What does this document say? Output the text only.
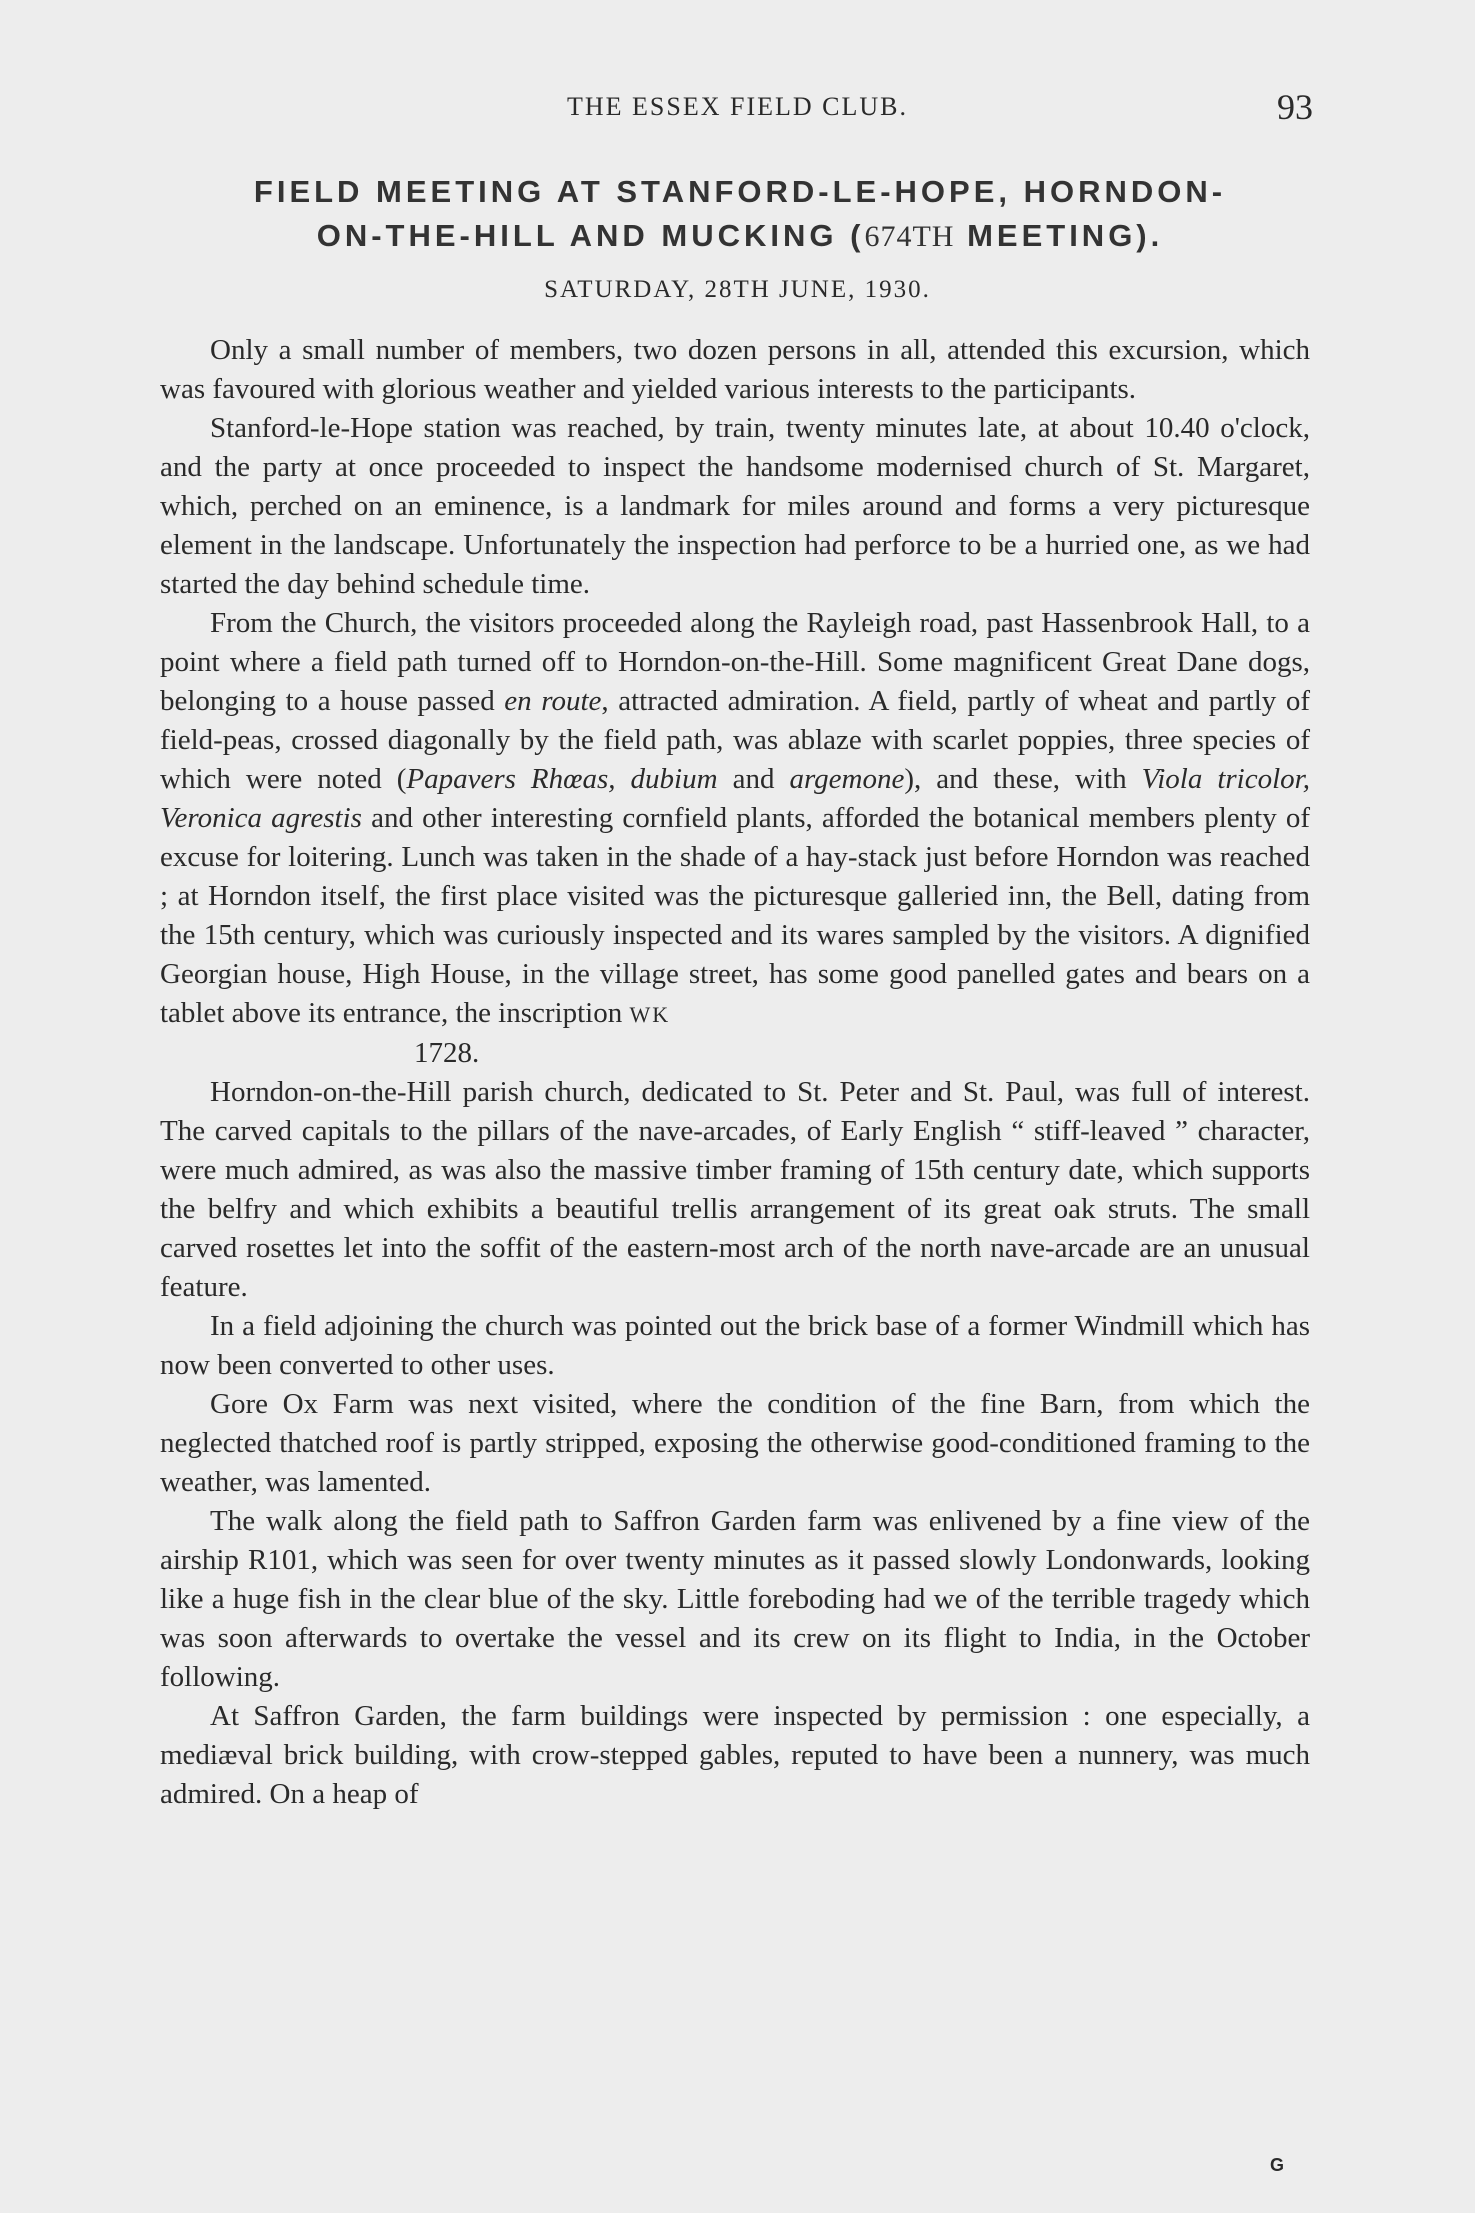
THE ESSEX FIELD CLUB.	93
FIELD MEETING AT STANFORD-LE-HOPE, HORNDON-
ON-THE-HILL AND MUCKING (674TH MEETING).
SATURDAY, 28TH JUNE, 1930.

Only a small number of members, two dozen persons in all, attended this excursion, which was favoured with glorious weather and yielded various interests to the participants.

Stanford-le-Hope station was reached, by train, twenty minutes late, at about 10.40 o'clock, and the party at once proceeded to inspect the handsome modernised church of St. Margaret, which, perched on an eminence, is a landmark for miles around and forms a very picturesque element in the landscape. Unfortunately the inspection had perforce to be a hurried one, as we had started the day behind schedule time.

From the Church, the visitors proceeded along the Rayleigh road, past Hassenbrook Hall, to a point where a field path turned off to Horndon-on-the-Hill. Some magnificent Great Dane dogs, belonging to a house passed en route, attracted admiration. A field, partly of wheat and partly of field-peas, crossed diagonally by the field path, was ablaze with scarlet poppies, three species of which were noted (Papavers Rhœas, dubium and argemone), and these, with Viola tricolor, Veronica agrestis and other interesting cornfield plants, afforded the botanical members plenty of excuse for loitering. Lunch was taken in the shade of a hay-stack just before Horndon was reached ; at Horndon itself, the first place visited was the picturesque galleried inn, the Bell, dating from the 15th century, which was curiously inspected and its wares sampled by the visitors. A dignified Georgian house, High House, in the village street, has some good panelled gates and bears on a tablet above its entrance, the inscription WK

1728.

Horndon-on-the-Hill parish church, dedicated to St. Peter and St. Paul, was full of interest. The carved capitals to the pillars of the nave-arcades, of Early English “ stiff-leaved ” character, were much admired, as was also the massive timber framing of 15th century date, which supports the belfry and which exhibits a beautiful trellis arrangement of its great oak struts. The small carved rosettes let into the soffit of the eastern-most arch of the north nave-arcade are an unusual feature.

In a field adjoining the church was pointed out the brick base of a former Windmill which has now been converted to other uses.

Gore Ox Farm was next visited, where the condition of the fine Barn, from which the neglected thatched roof is partly stripped, exposing the otherwise good-conditioned framing to the weather, was lamented.

The walk along the field path to Saffron Garden farm was enlivened by a fine view of the airship R101, which was seen for over twenty minutes as it passed slowly Londonwards, looking like a huge fish in the clear blue of the sky. Little foreboding had we of the terrible tragedy which was soon afterwards to overtake the vessel and its crew on its flight to India, in the October following.

At Saffron Garden, the farm buildings were inspected by permission : one especially, a mediæval brick building, with crow-stepped gables, reputed to have been a nunnery, was much admired. On a heap of

G
